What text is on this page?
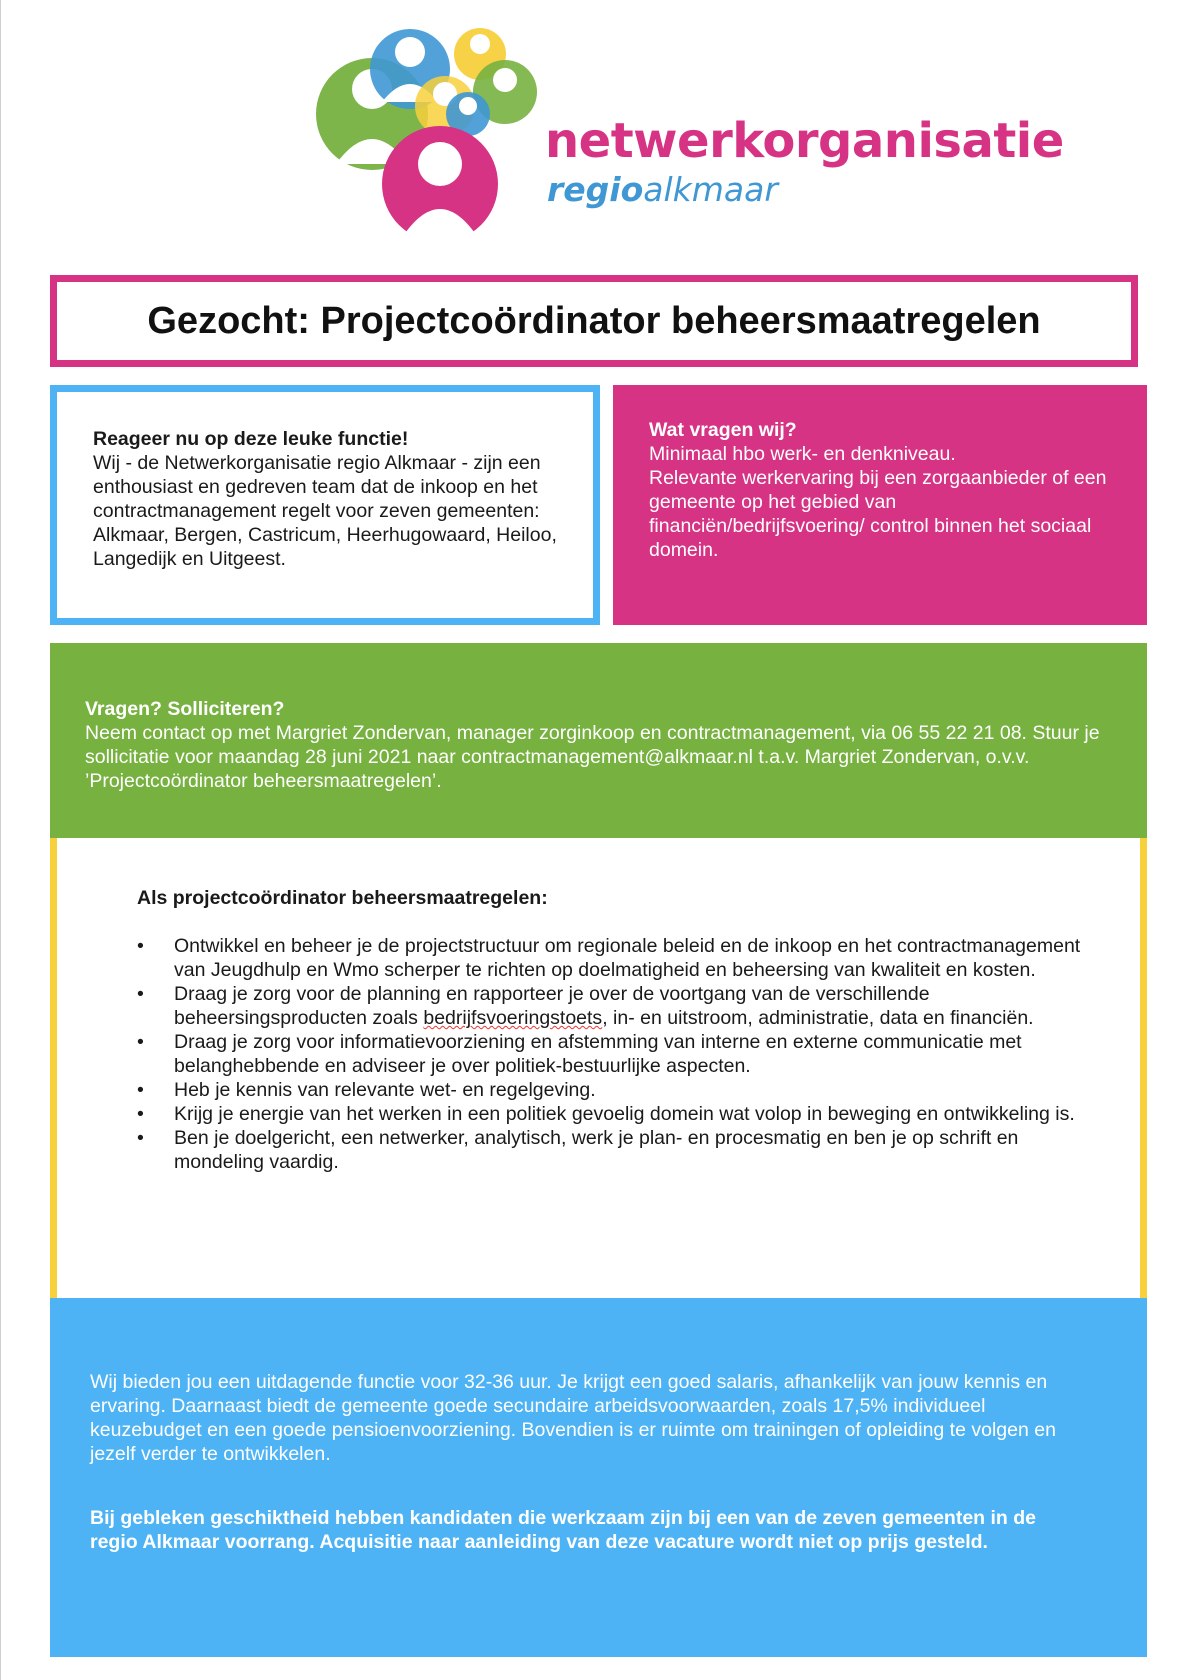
netwerkorganisatie
regioalkmaar
Gezocht: Projectcoördinator beheersmaatregelen
Reageer nu op deze leuke functie!
Wij - de Netwerkorganisatie regio Alkmaar - zijn een enthousiast en gedreven team dat de inkoop en het contractmanagement regelt voor zeven gemeenten: Alkmaar, Bergen, Castricum, Heerhugowaard, Heiloo, Langedijk en Uitgeest.
Wat vragen wij?
Minimaal hbo werk- en denkniveau.
Relevante werkervaring bij een zorgaanbieder of een gemeente op het gebied van financiën/bedrijfsvoering/ control binnen het sociaal domein.
Vragen? Solliciteren?
Neem contact op met Margriet Zondervan, manager zorginkoop en contractmanagement, via 06 55 22 21 08. Stuur je sollicitatie voor maandag 28 juni 2021 naar contractmanagement@alkmaar.nl t.a.v. Margriet Zondervan, o.v.v. ’Projectcoördinator beheersmaatregelen’.
Als projectcoördinator beheersmaatregelen:
• Ontwikkel en beheer je de projectstructuur om regionale beleid en de inkoop en het contractmanagement van Jeugdhulp en Wmo scherper te richten op doelmatigheid en beheersing van kwaliteit en kosten.
• Draag je zorg voor de planning en rapporteer je over de voortgang van de verschillende beheersingsproducten zoals bedrijfsvoeringstoets, in- en uitstroom, administratie, data en financiën.
• Draag je zorg voor informatievoorziening en afstemming van interne en externe communicatie met belanghebbende en adviseer je over politiek-bestuurlijke aspecten.
• Heb je kennis van relevante wet- en regelgeving.
• Krijg je energie van het werken in een politiek gevoelig domein wat volop in beweging en ontwikkeling is.
• Ben je doelgericht, een netwerker, analytisch, werk je plan- en procesmatig en ben je op schrift en mondeling vaardig.
Wij bieden jou een uitdagende functie voor 32-36 uur. Je krijgt een goed salaris, afhankelijk van jouw kennis en ervaring. Daarnaast biedt de gemeente goede secundaire arbeidsvoorwaarden, zoals 17,5% individueel keuzebudget en een goede pensioenvoorziening. Bovendien is er ruimte om trainingen of opleiding te volgen en jezelf verder te ontwikkelen.
Bij gebleken geschiktheid hebben kandidaten die werkzaam zijn bij een van de zeven gemeenten in de regio Alkmaar voorrang. Acquisitie naar aanleiding van deze vacature wordt niet op prijs gesteld.
